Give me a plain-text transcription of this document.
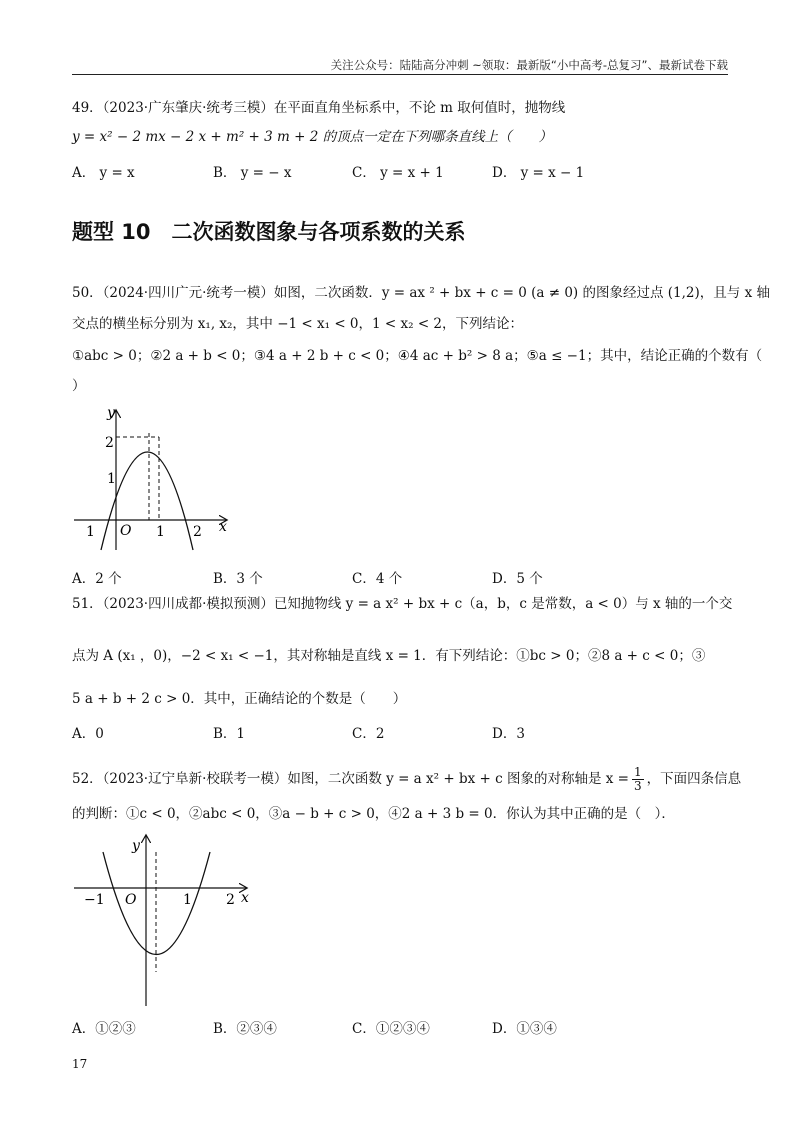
关注公众号：陆陆高分冲刺 ~领取：最新版“小中高考-总复习”、最新试卷下载
49．（2023·广东肇庆·统考三模）在平面直角坐标系中，不论 m 取何值时，抛物线
y = x² − 2 mx − 2 x + m² + 3 m + 2 的顶点一定在下列哪条直线上（　　）
A． y = x	B． y = − x	C． y = x + 1	D． y = x − 1
题型 10　二次函数图象与各项系数的关系
50．（2024·四川广元·统考一模）如图，二次函数．y = ax ² + bx + c = 0 (a ≠ 0) 的图象经过点 (1,2)，且与 x 轴
交点的横坐标分别为 x₁, x₂，其中 −1 < x₁ < 0，1 < x₂ < 2，下列结论：
①abc > 0；②2 a + b < 0；③4 a + 2 b + c < 0；④4 ac + b² > 8 a；⑤a ≤ −1；其中，结论正确的个数有（
）
y
x
O
2
1
1	1 2
A．2 个	B．3 个	C．4 个	D．5 个
51．（2023·四川成都·模拟预测）已知抛物线 y = a x² + bx + c（a，b，c 是常数，a < 0）与 x 轴的一个交
点为 A (x₁ ，0)，−2 < x₁ < −1，其对称轴是直线 x = 1．有下列结论：①bc > 0；②8 a + c < 0；③
5 a + b + 2 c > 0．其中，正确结论的个数是（　　）
A．0	B．1	C．2	D．3
52．（2023·辽宁阜新·校联考一模）如图，二次函数 y = a x² + bx + c 图象的对称轴是 $x = \frac{1}{3}$ ，下面四条信息
的判断：①c < 0，②abc < 0，③a − b + c > 0，④2 a + 3 b = 0．你认为其中正确的是（　）．
y
x
O
−1	1 2
A．①②③	B．②③④	C．①②③④	D．①③④
17
